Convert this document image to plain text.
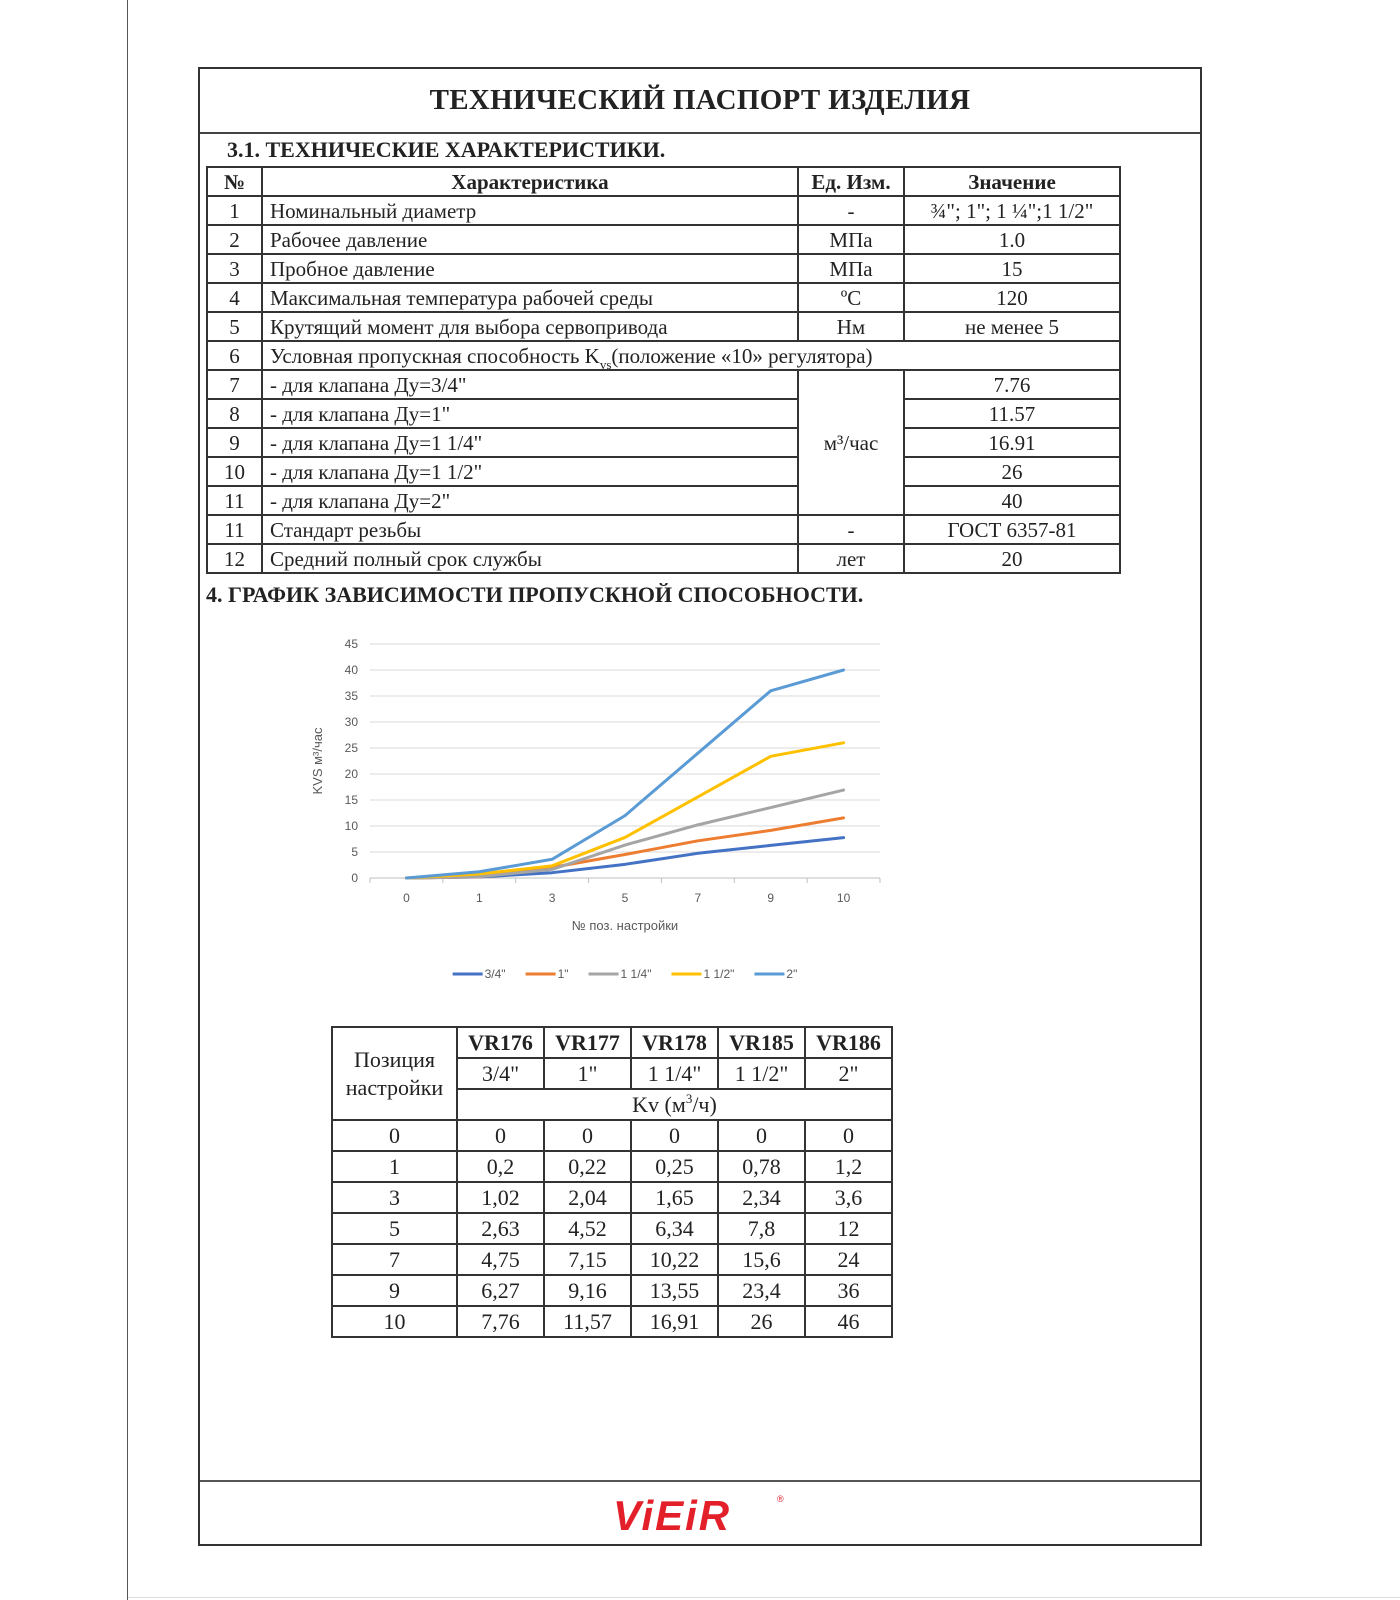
ТЕХНИЧЕСКИЙ ПАСПОРТ ИЗДЕЛИЯ
3.1. ТЕХНИЧЕСКИЕ ХАРАКТЕРИСТИКИ.
№	Характеристика	Ед. Изм.	Значение
1	Номинальный диаметр	-	¾"; 1"; 1 ¼";1 1/2"
2	Рабочее давление	МПа	1.0
3	Пробное давление	МПа	15
4	Максимальная температура рабочей среды	ºС	120
5	Крутящий момент для выбора сервопривода	Нм	не менее 5
6	Условная пропускная способность $K_{vs}(положение$ «10» регулятора)		
7	- для клапана Ду=3/4"	м³/час	7.76
8	- для клапана Ду=1"		11.57
9	- для клапана Ду=1 1/4"		16.91
10	- для клапана Ду=1 1/2"		26
11	- для клапана Ду=2"		40
11	Стандарт резьбы	-	ГОСТ 6357-81
12	Средний полный срок службы	лет	20
4. ГРАФИК ЗАВИСИМОСТИ ПРОПУСКНОЙ СПОСОБНОСТИ.
0
5
10
15
20
25
30
35
40
45
0	1	3	5	7	9	10
№ поз. настройки
KVS м³/час
3/4"	1"	1 1/4"	1 1/2"	2"
Позиция настройки	VR176	VR177	VR178	VR185	VR186
	3/4"	1"	1 1/4"	1 1/2"	2"
	Kv $(м^3/ч)$				
0	0	0	0	0	0
1	0,2	0,22	0,25	0,78	1,2
3	1,02	2,04	1,65	2,34	3,6
5	2,63	4,52	6,34	7,8	12
7	4,75	7,15	10,22	15,6	24
9	6,27	9,16	13,55	23,4	36
10	7,76	11,57	16,91	26	46
ViEiR	®
